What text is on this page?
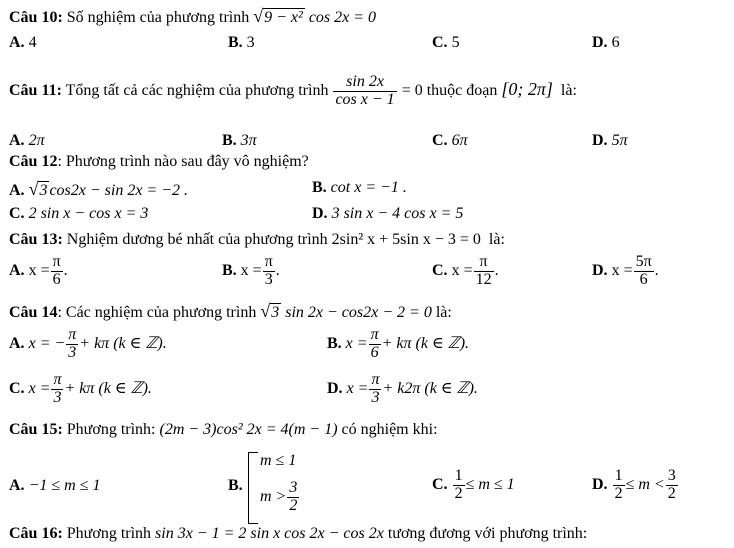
Câu 10: Số nghiệm của phương trình √9 − x² cos 2x = 0
A. 4	B. 3	C. 5	D. 6
Câu 11: Tổng tất cả các nghiệm của phương trình $\frac{\sin 2x}{\text{cos x − 1}} = 0$ thuộc đoạn [0; 2π] là:
A. 2π	B. 3π	C. 6π	D. 5π
Câu 12: Phương trình nào sau đây vô nghiệm?
A. √3 cos2x − sin 2x = −2 .	B. cot x = −1 .
C. 2 sin x − cos x = 3	D. 3 sin x − 4 cos x = 5
Câu 13: Nghiệm dương bé nhất của phương trình 2sin² x + 5sin x − 3 = 0 là:
A. $x = \frac{\pi}{6}$ .	B. $x = \frac{\pi}{3}$ .	C. $x = \frac{\pi}{12}$ .	D. $x = \frac{5\pi}{6}$ .
Câu 14: Các nghiệm của phương trình √3 sin 2x − cos2x − 2 = 0 là:
A. x = − $\frac{\pi}{3} + k\pi$ (k ∈ ℤ).	B. $x = \frac{\pi}{6} + k\pi$ (k ∈ ℤ).
C. $x = \frac{\pi}{3} + k\pi$ (k ∈ ℤ).	D. $x = \frac{\pi}{3} + k2\pi$ (k ∈ ℤ).
Câu 15: Phương trình: (2m − 3)cos² 2x = 4(m − 1) có nghiệm khi:
A. −1 ≤ m ≤ 1	B.
m ≤ 1
$m > \frac{3}{2}$	C. $\frac{1}{2} \le m \le 1$	D. $\frac{1}{2} \le m < \frac{3}{2}$
Câu 16: Phương trình sin 3x − 1 = 2 sin x cos 2x − cos 2x tương đương với phương trình:
